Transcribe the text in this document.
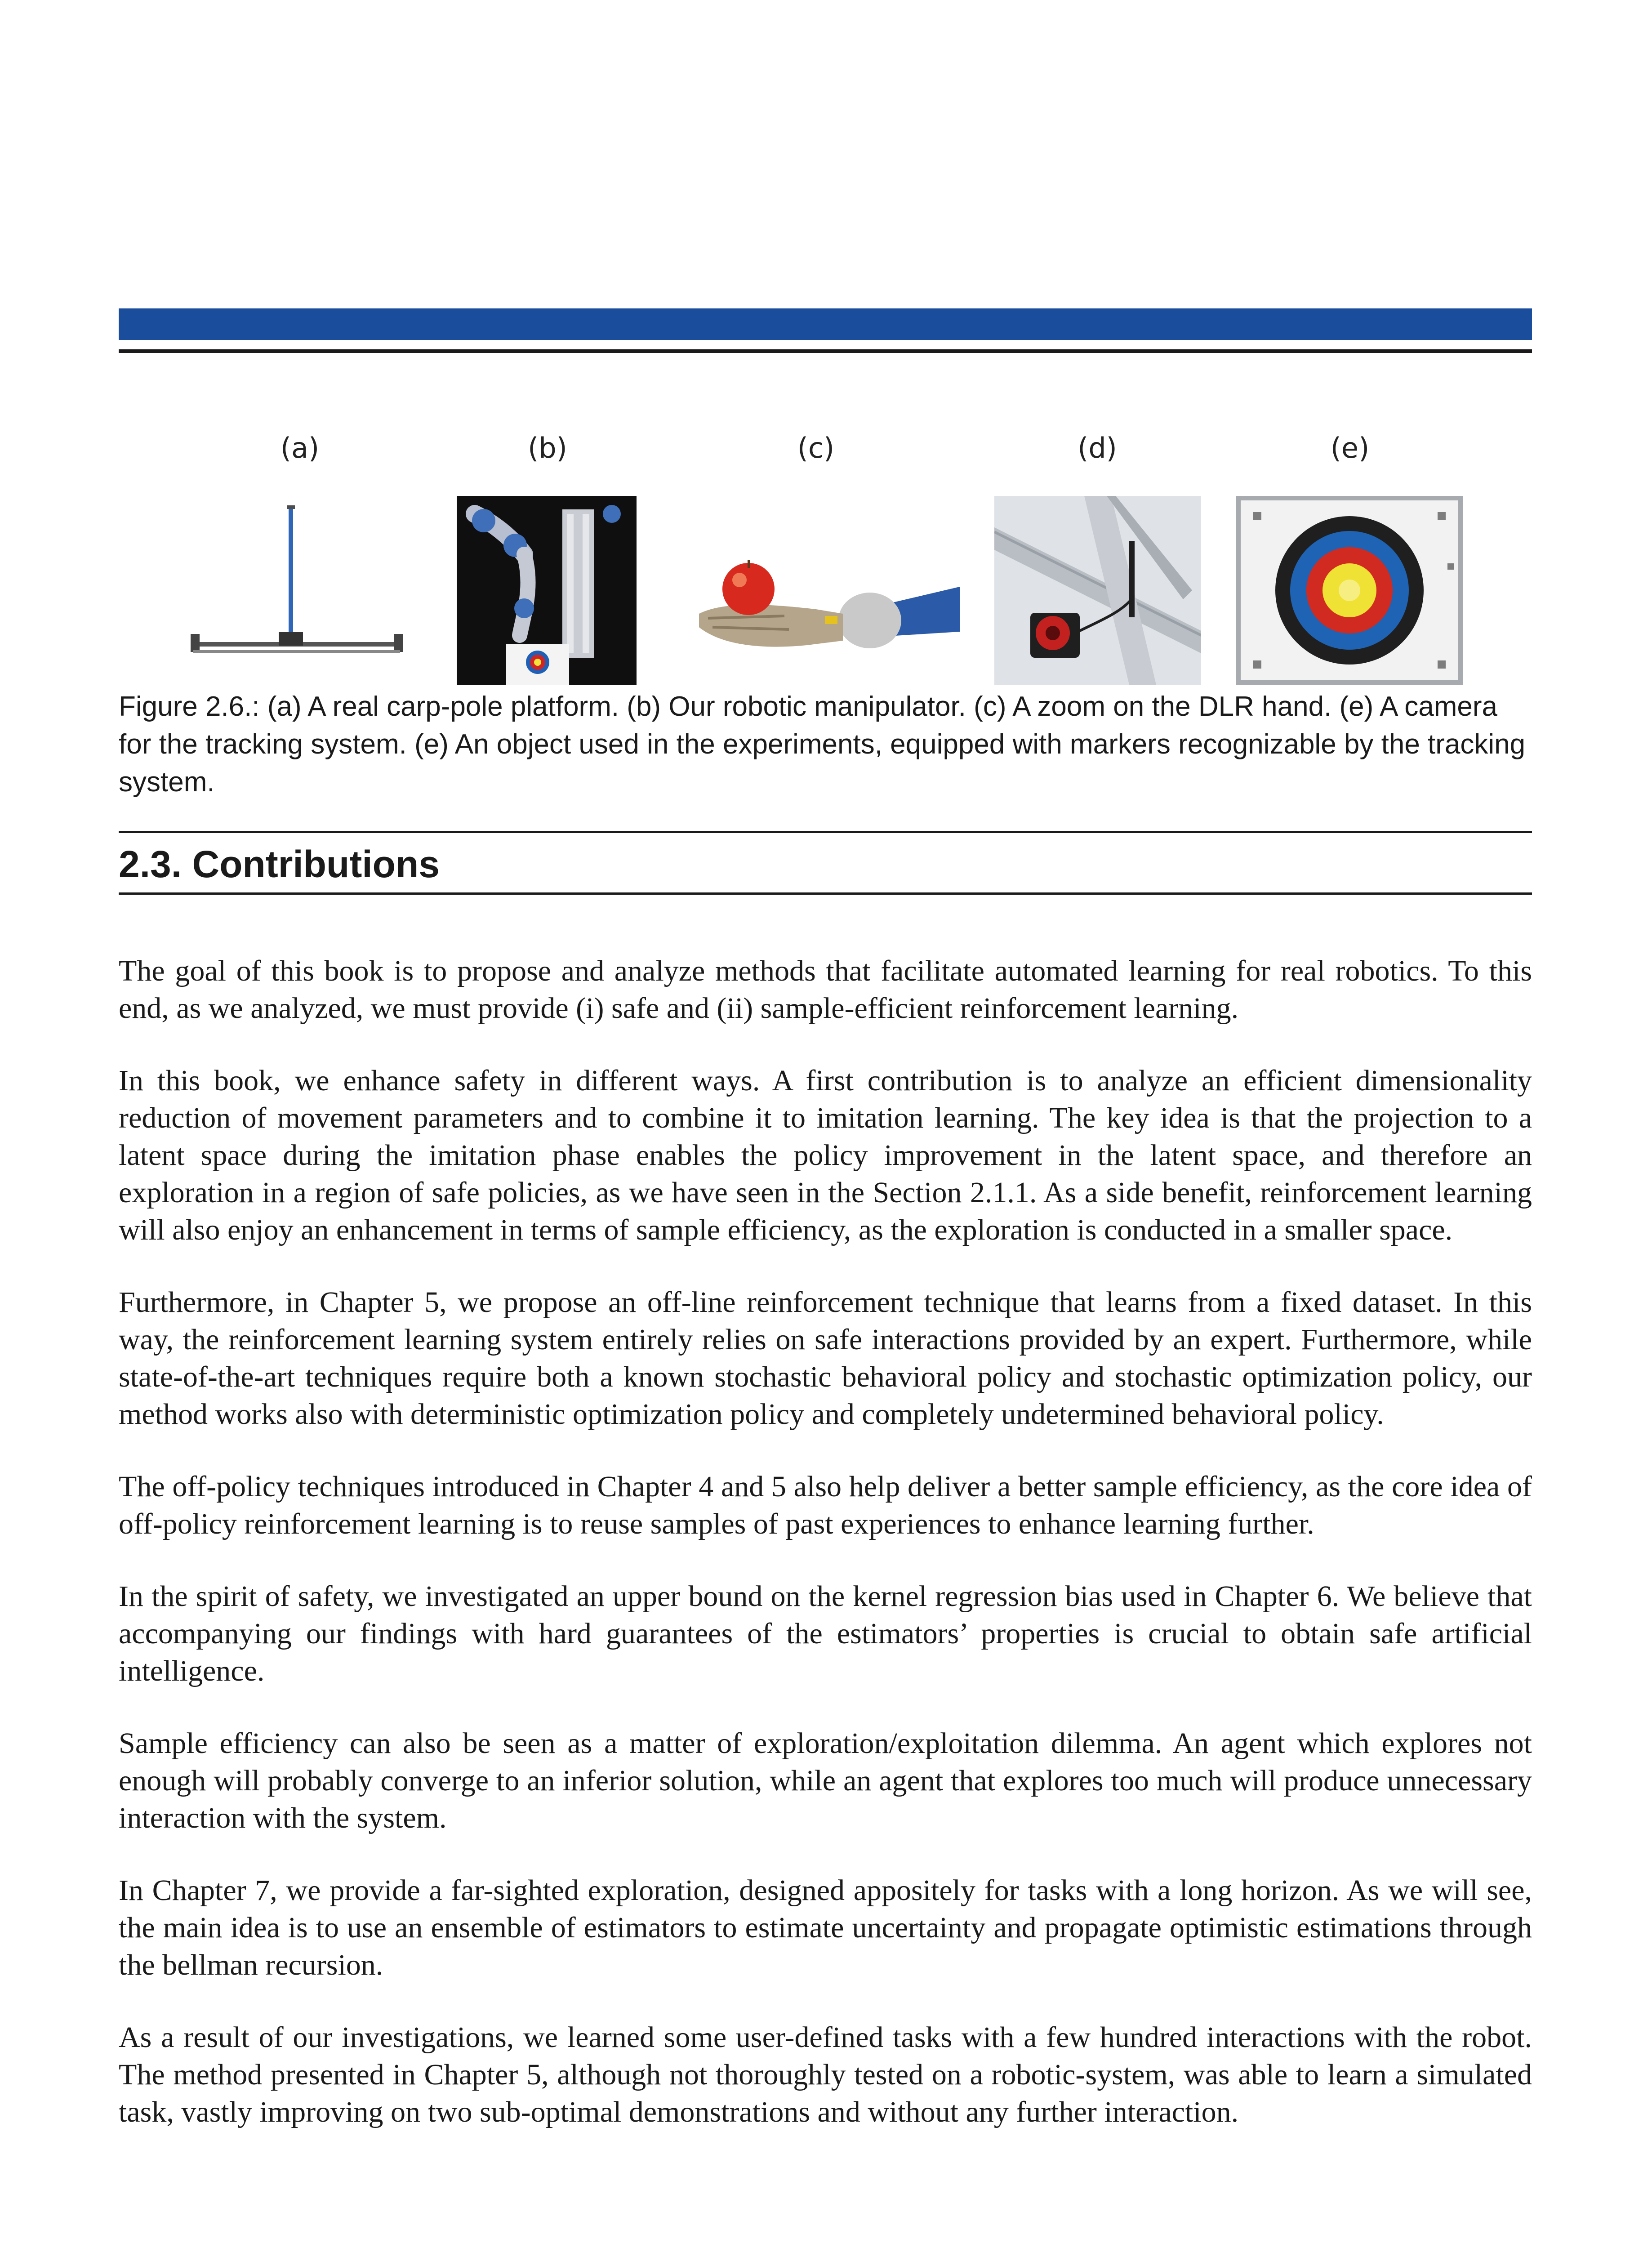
(a)	(b)	(c)	(d)	(e)
Figure 2.6.: (a) A real carp-pole platform. (b) Our robotic manipulator. (c) A zoom on the DLR hand. (e) A camera for the tracking system. (e) An object used in the experiments, equipped with markers recognizable by the tracking system.
2.3. Contributions

The goal of this book is to propose and analyze methods that facilitate automated learning for real robotics. To this end, as we analyzed, we must provide (i) safe and (ii) sample-efficient reinforcement learning.

In this book, we enhance safety in different ways. A first contribution is to analyze an efficient dimensionality reduction of movement parameters and to combine it to imitation learning. The key idea is that the projection to a latent space during the imitation phase enables the policy improvement in the latent space, and therefore an exploration in a region of safe policies, as we have seen in the Section 2.1.1. As a side benefit, reinforcement learning will also enjoy an enhancement in terms of sample efficiency, as the exploration is conducted in a smaller space.

Furthermore, in Chapter 5, we propose an off-line reinforcement technique that learns from a fixed dataset. In this way, the reinforcement learning system entirely relies on safe interactions provided by an expert. Furthermore, while state-of-the-art techniques require both a known stochastic behavioral policy and stochastic optimization policy, our method works also with deterministic optimization policy and completely undetermined behavioral policy.

The off-policy techniques introduced in Chapter 4 and 5 also help deliver a better sample efficiency, as the core idea of off-policy reinforcement learning is to reuse samples of past experiences to enhance learning further.

In the spirit of safety, we investigated an upper bound on the kernel regression bias used in Chapter 6. We believe that accompanying our findings with hard guarantees of the estimators’ properties is crucial to obtain safe artificial intelligence.

Sample efficiency can also be seen as a matter of exploration/exploitation dilemma. An agent which explores not enough will probably converge to an inferior solution, while an agent that explores too much will produce unnecessary interaction with the system.

In Chapter 7, we provide a far-sighted exploration, designed appositely for tasks with a long horizon. As we will see, the main idea is to use an ensemble of estimators to estimate uncertainty and propagate optimistic estimations through the bellman recursion.

As a result of our investigations, we learned some user-defined tasks with a few hundred interactions with the robot. The method presented in Chapter 5, although not thoroughly tested on a robotic-system, was able to learn a simulated task, vastly improving on two sub-optimal demonstrations and without any further interaction.
